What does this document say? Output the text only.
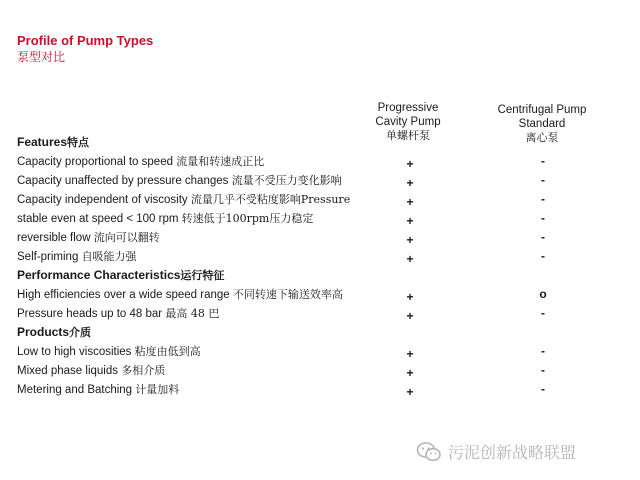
Profile of Pump Types
泵型对比
Progressive
Cavity Pump
单螺杆泵
Centrifugal Pump
Standard
离心泵
Features特点
Capacity proportional to speed 流量和转速成正比	+	-
Capacity unaffected by pressure changes 流量不受压力变化影响	+	-
Capacity independent of viscosity 流量几乎不受粘度影响Pressure	+	-
stable even at speed < 100 rpm 转速低于100rpm压力稳定	+	-
reversible flow 流向可以翻转	+	-
Self-priming 自吸能力强	+	-
Performance Characteristics运行特征
High efficiencies over a wide speed range 不同转速下输送效率高	+	o
Pressure heads up to 48 bar 最高 48 巴	+	-
Products介质
Low to high viscosities 粘度由低到高	+	-
Mixed phase liquids 多相介质	+	-
Metering and Batching 计量加料	+	-
污泥创新战略联盟
